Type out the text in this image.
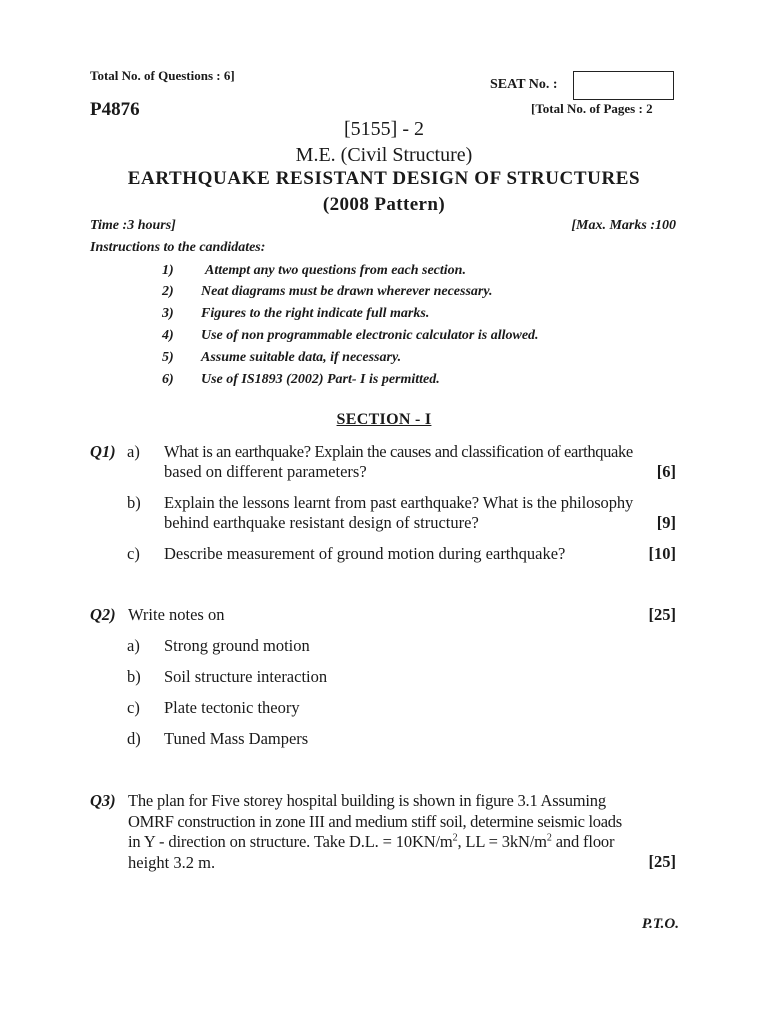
Total No. of Questions : 6]
SEAT No. :
P4876	[Total No. of Pages : 2
[5155] - 2
M.E. (Civil Structure)
EARTHQUAKE RESISTANT DESIGN OF STRUCTURES
(2008 Pattern)
Time :3 hours]	[Max. Marks :100
Instructions to the candidates:
1) Attempt any two questions from each section.
2) Neat diagrams must be drawn wherever necessary.
3) Figures to the right indicate full marks.
4) Use of non programmable electronic calculator is allowed.
5) Assume suitable data, if necessary.
6) Use of IS1893 (2002) Part- I is permitted.
SECTION - I
Q1) a) What is an earthquake? Explain the causes and classification of earthquake
based on different parameters?	[6]
b) Explain the lessons learnt from past earthquake? What is the philosophy
behind earthquake resistant design of structure?	[9]
c) Describe measurement of ground motion during earthquake?	[10]
Q2) Write notes on	[25]
a) Strong ground motion
b) Soil structure interaction
c) Plate tectonic theory
d) Tuned Mass Dampers
Q3) The plan for Five storey hospital building is shown in figure 3.1 Assuming
OMRF construction in zone III and medium stiff soil, determine seismic loads
in Y - direction on structure. Take D.L. = $10KN/m^2$, LL = $3kN/m^2$ and floor
height 3.2 m.	[25]
P.T.O.
